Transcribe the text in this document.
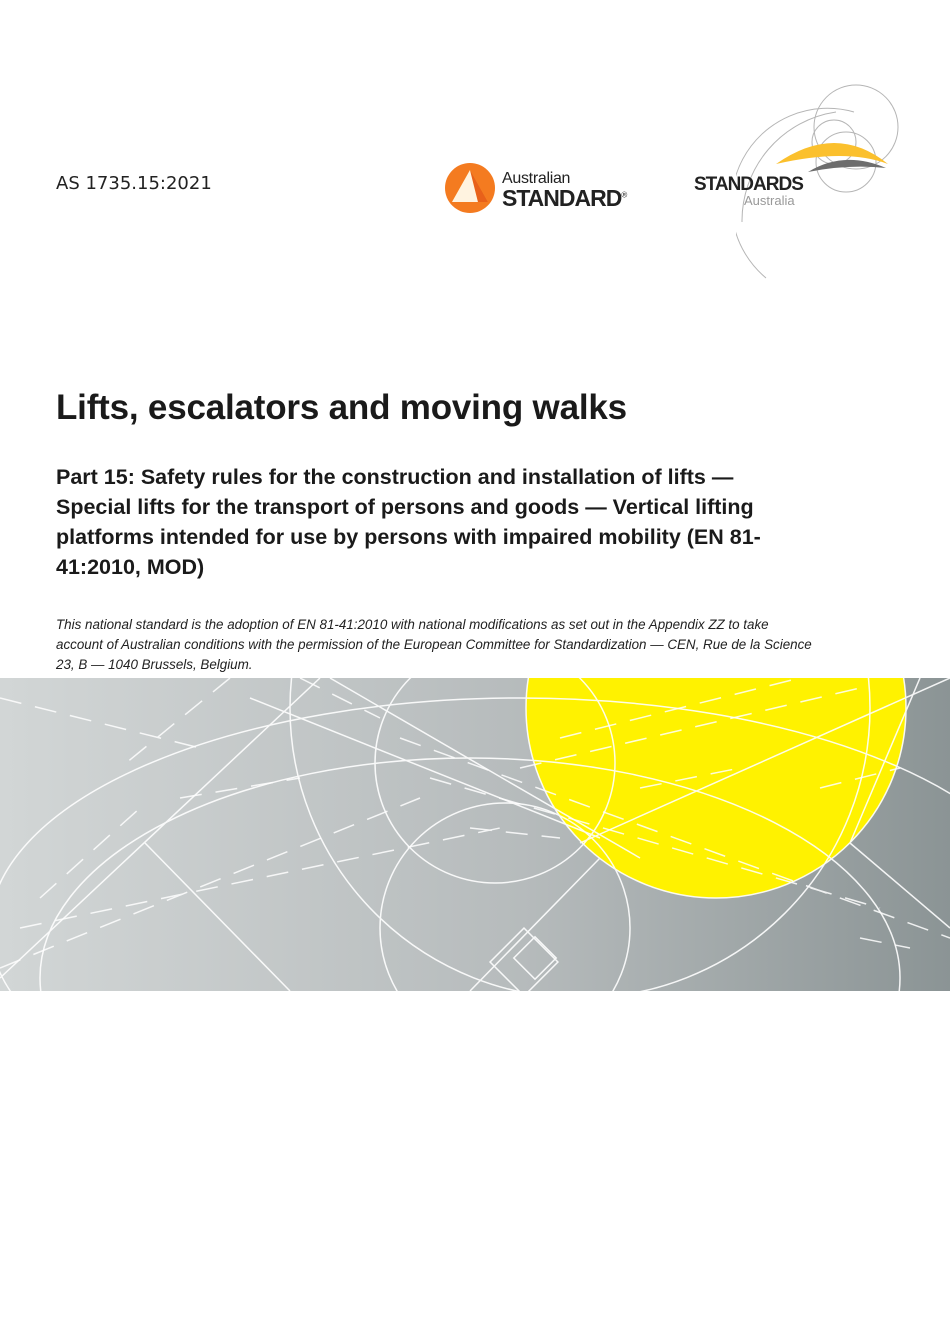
AS 1735.15:2021	Australian
STANDARD®	STANDARDS
Australia
Lifts, escalators and moving walks
Part 15: Safety rules for the construction and installation of lifts —
Special lifts for the transport of persons and goods — Vertical lifting
platforms intended for use by persons with impaired mobility (EN 81-
41:2010, MOD)
This national standard is the adoption of EN 81-41:2010 with national modifications as set out in the Appendix ZZ to take
account of Australian conditions with the permission of the European Committee for Standardization — CEN, Rue de la Science
23, B — 1040 Brussels, Belgium.
